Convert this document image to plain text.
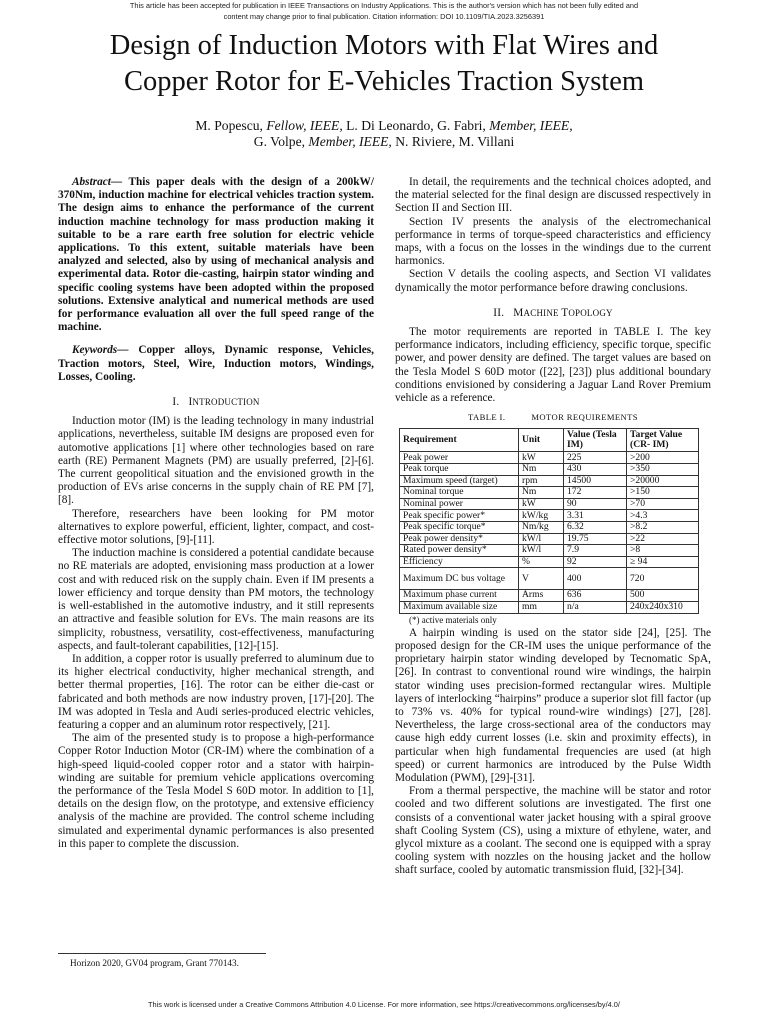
This article has been accepted for publication in IEEE Transactions on Industry Applications. This is the author's version which has not been fully edited and
content may change prior to final publication. Citation information: DOI 10.1109/TIA.2023.3256391
Design of Induction Motors with Flat Wires and
Copper Rotor for E-Vehicles Traction System
M. Popescu, Fellow, IEEE, L. Di Leonardo, G. Fabri, Member, IEEE,
G. Volpe, Member, IEEE, N. Riviere, M. Villani

Abstract— This paper deals with the design of a 200kW/ 370Nm, induction machine for electrical vehicles traction system. The design aims to enhance the performance of the current induction machine technology for mass production making it suitable to be a rare earth free solution for electric vehicle applications. To this extent, suitable materials have been analyzed and selected, also by using of mechanical analysis and experimental data. Rotor die-casting, hairpin stator winding and specific cooling systems have been adopted within the proposed solutions. Extensive analytical and numerical methods are used for performance evaluation all over the full speed range of the machine.

Keywords— Copper alloys, Dynamic response, Vehicles, Traction motors, Steel, Wire, Induction motors, Windings, Losses, Cooling.

I. INTRODUCTION

Induction motor (IM) is the leading technology in many industrial applications, nevertheless, suitable IM designs are proposed even for automotive applications [1] where other technologies based on rare earth (RE) Permanent Magnets (PM) are usually preferred, [2]-[6]. The current geopolitical situation and the envisioned growth in the production of EVs arise concerns in the supply chain of RE PM [7], [8].

Therefore, researchers have been looking for PM motor alternatives to explore powerful, efficient, lighter, compact, and cost-effective motor solutions, [9]-[11].

The induction machine is considered a potential candidate because no RE materials are adopted, envisioning mass production at a lower cost and with reduced risk on the supply chain. Even if IM presents a lower efficiency and torque density than PM motors, the technology is well-established in the automotive industry, and it still represents an attractive and feasible solution for EVs. The main reasons are its simplicity, robustness, versatility, cost-effectiveness, manufacturing aspects, and fault-tolerant capabilities, [12]-[15].

In addition, a copper rotor is usually preferred to aluminum due to its higher electrical conductivity, higher mechanical strength, and better thermal properties, [16]. The rotor can be either die-cast or fabricated and both methods are now industry proven, [17]-[20]. The IM was adopted in Tesla and Audi series-produced electric vehicles, featuring a copper and an aluminum rotor respectively, [21].

The aim of the presented study is to propose a high-performance Copper Rotor Induction Motor (CR-IM) where the combination of a high-speed liquid-cooled copper rotor and a stator with hairpin-winding are suitable for premium vehicle applications overcoming the performance of the Tesla Model S 60D motor. In addition to [1], details on the design flow, on the prototype, and extensive efficiency analysis of the machine are provided. The control scheme including simulated and experimental dynamic performances is also presented in this paper to complete the discussion.

In detail, the requirements and the technical choices adopted, and the material selected for the final design are discussed respectively in Section II and Section III.

Section IV presents the analysis of the electromechanical performance in terms of torque-speed characteristics and efficiency maps, with a focus on the losses in the windings due to the current harmonics.

Section V details the cooling aspects, and Section VI validates dynamically the motor performance before drawing conclusions.

II. MACHINE TOPOLOGY

The motor requirements are reported in TABLE I. The key performance indicators, including efficiency, specific torque, specific power, and power density are defined. The target values are based on the Tesla Model S 60D motor ([22], [23]) plus additional boundary conditions envisioned by considering a Jaguar Land Rover Premium vehicle as a reference.

TABLE I.	MOTOR REQUIREMENTS
Requirement	Unit	Value (Tesla IM)	Target Value (CR- IM)
Peak power	kW	225	>200
Peak torque	Nm	430	>350
Maximum speed (target)	rpm	14500	>20000
Nominal torque	Nm	172	>150
Nominal power	kW	90	>70
Peak specific power*	kW/kg	3.31	>4.3
Peak specific torque*	Nm/kg	6.32	>8.2
Peak power density*	kW/l	19.75	>22
Rated power density*	kW/l	7.9	>8
Efficiency	%	92	≥ 94
Maximum DC bus voltage	V	400	720
Maximum phase current	Arms	636	500
Maximum available size	mm	n/a	240x240x310

(*) active materials only

A hairpin winding is used on the stator side [24], [25]. The proposed design for the CR-IM uses the unique performance of the proprietary hairpin stator winding developed by Tecnomatic SpA, [26]. In contrast to conventional round wire windings, the hairpin stator winding uses precision-formed rectangular wires. Multiple layers of interlocking “hairpins” produce a superior slot fill factor (up to 73% vs. 40% for typical round-wire windings) [27], [28]. Nevertheless, the large cross-sectional area of the conductors may cause high eddy current losses (i.e. skin and proximity effects), in particular when high fundamental frequencies are used (at high speed) or current harmonics are introduced by the Pulse Width Modulation (PWM), [29]-[31].

From a thermal perspective, the machine will be stator and rotor cooled and two different solutions are investigated. The first one consists of a conventional water jacket housing with a spiral groove shaft Cooling System (CS), using a mixture of ethylene, water, and glycol mixture as a coolant. The second one is equipped with a spray cooling system with nozzles on the housing jacket and the hollow shaft surface, cooled by automatic transmission fluid, [32]-[34].

Horizon 2020, GV04 program, Grant 770143.
This work is licensed under a Creative Commons Attribution 4.0 License. For more information, see https://creativecommons.org/licenses/by/4.0/
